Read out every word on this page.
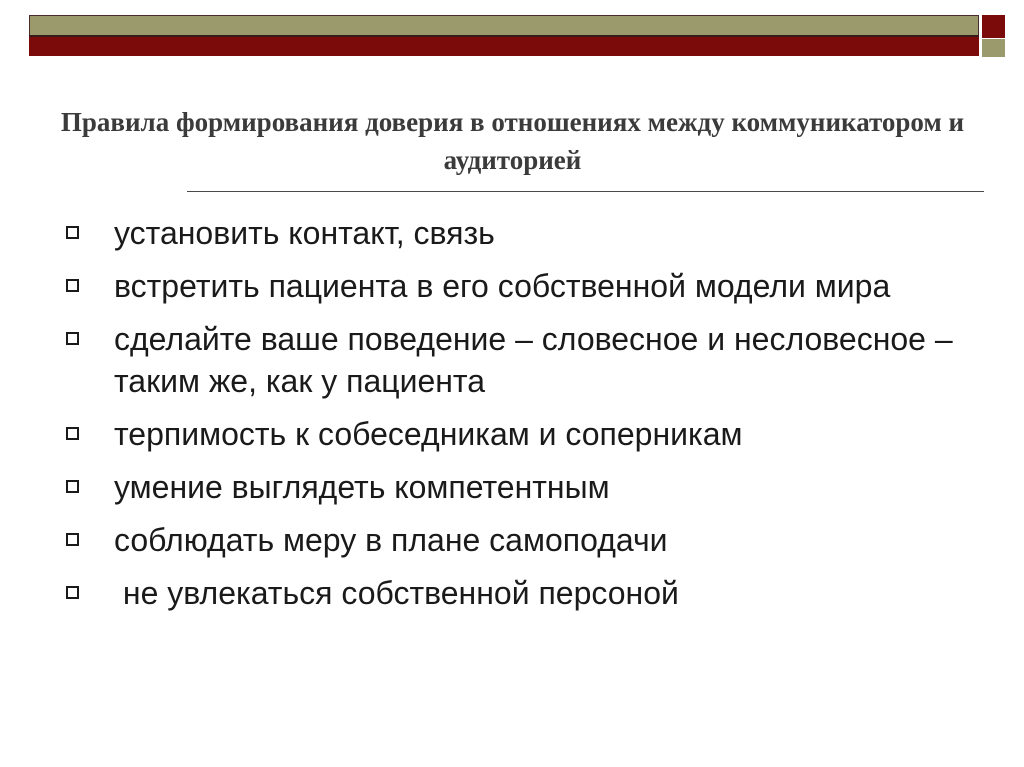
Правила формирования доверия в отношениях между коммуникатором и аудиторией
установить контакт, связь
встретить пациента в его собственной модели мира
сделайте ваше поведение – словесное и несловесное – таким же, как у пациента
терпимость к собеседникам и соперникам
умение выглядеть компетентным
соблюдать меру в плане самоподачи
не увлекаться собственной персоной
